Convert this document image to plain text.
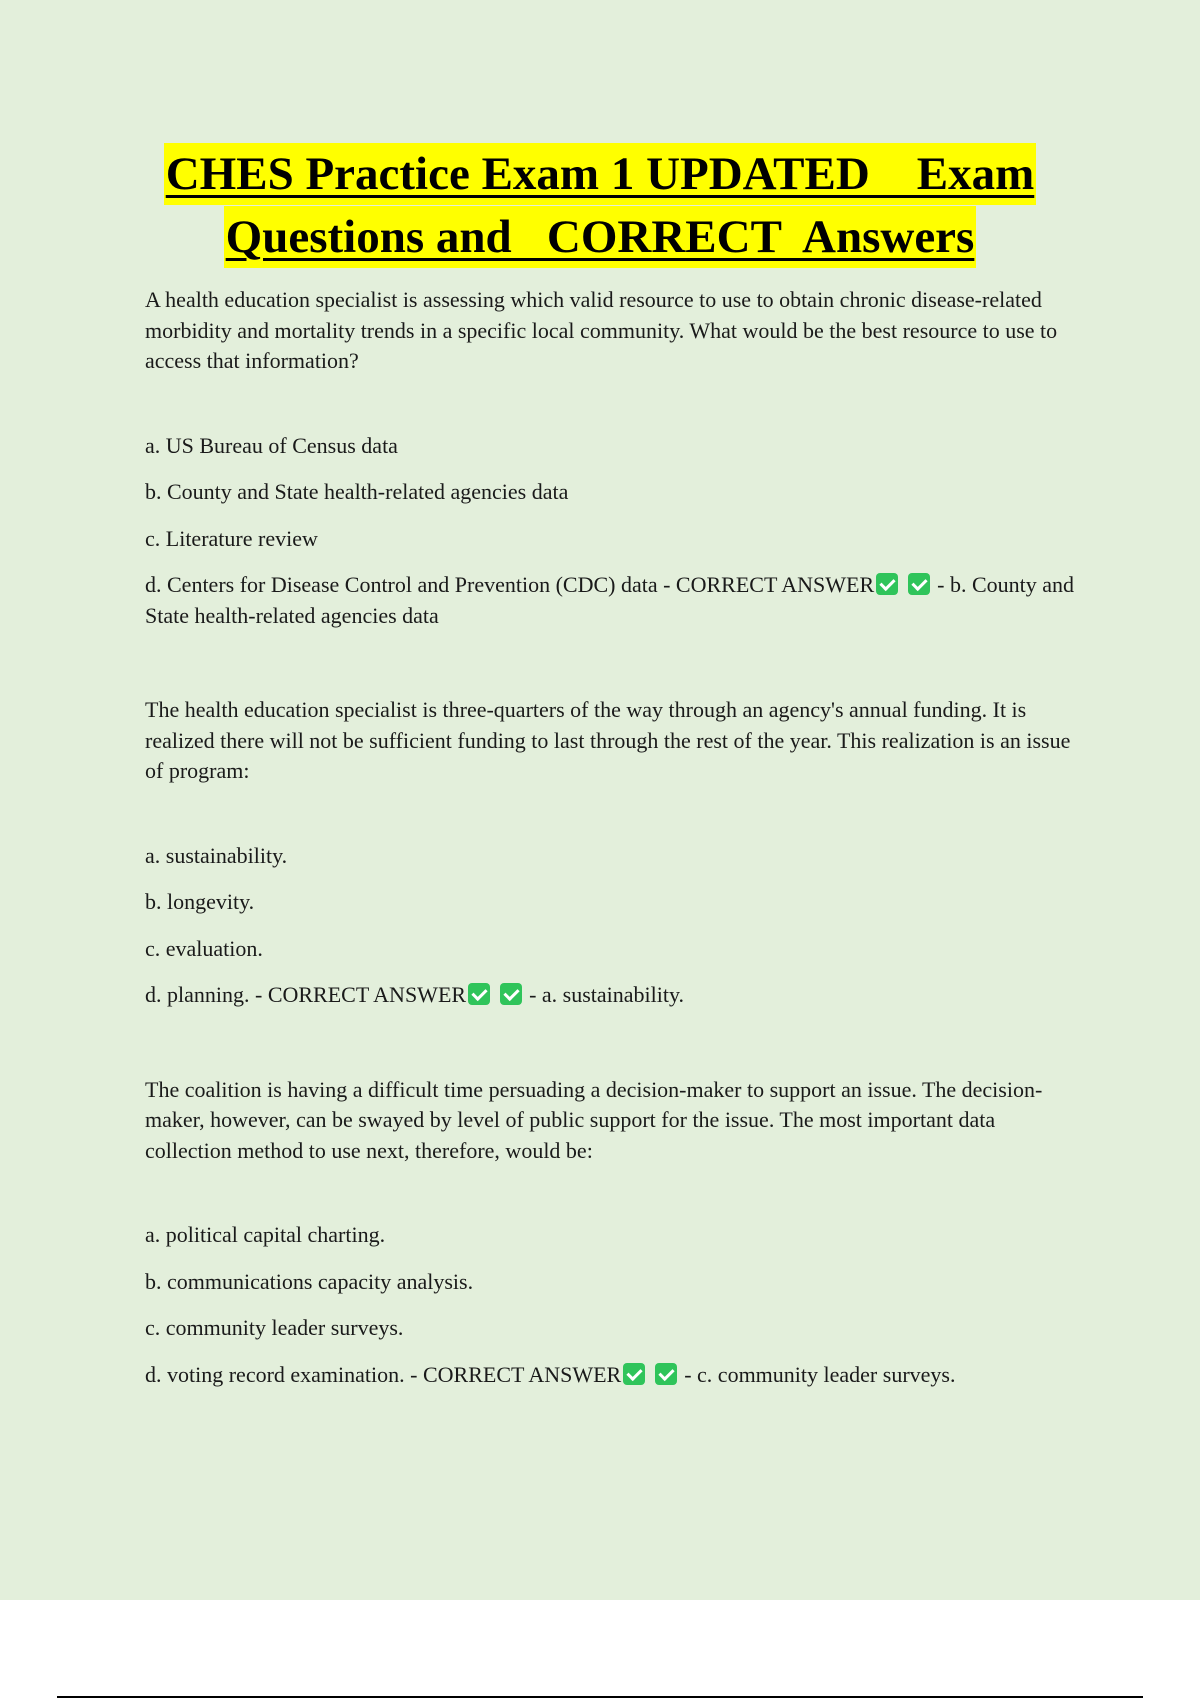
CHES Practice Exam 1 UPDATED    Exam
Questions and   CORRECT  Answers
A health education specialist is assessing which valid resource to use to obtain chronic disease-related morbidity and mortality trends in a specific local community. What would be the best resource to use to access that information?
a. US Bureau of Census data
b. County and State health-related agencies data
c. Literature review
d. Centers for Disease Control and Prevention (CDC) data - CORRECT ANSWER	- b. County and State health-related agencies data
The health education specialist is three-quarters of the way through an agency's annual funding. It is realized there will not be sufficient funding to last through the rest of the year. This realization is an issue of program:
a. sustainability.
b. longevity.
c. evaluation.
d. planning. - CORRECT ANSWER	- a. sustainability.
The coalition is having a difficult time persuading a decision-maker to support an issue. The decision-maker, however, can be swayed by level of public support for the issue. The most important data collection method to use next, therefore, would be:
a. political capital charting.
b. communications capacity analysis.
c. community leader surveys.
d. voting record examination. - CORRECT ANSWER	- c. community leader surveys.
